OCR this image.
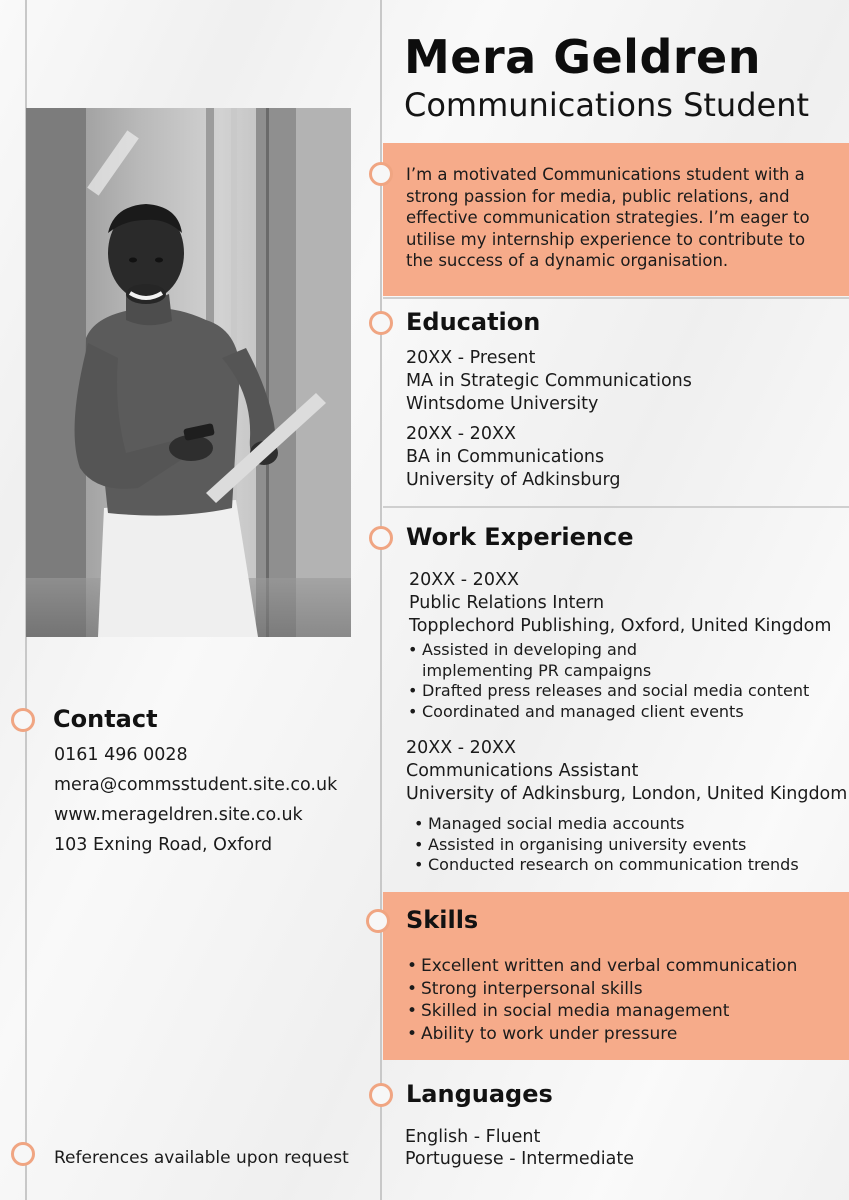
Mera Geldren
Communications Student
I’m a motivated Communications student with a strong passion for media, public relations, and effective communication strategies. I’m eager to utilise my internship experience to contribute to the success of a dynamic organisation.
Education
20XX - Present
MA in Strategic Communications
Wintsdome University
20XX - 20XX
BA in Communications
University of Adkinsburg
Work Experience
20XX - 20XX
Public Relations Intern
Topplechord Publishing, Oxford, United Kingdom
• Assisted in developing and implementing PR campaigns
• Drafted press releases and social media content
• Coordinated and managed client events
20XX - 20XX
Communications Assistant
University of Adkinsburg, London, United Kingdom
• Managed social media accounts
• Assisted in organising university events
• Conducted research on communication trends
Skills
• Excellent written and verbal communication
• Strong interpersonal skills
• Skilled in social media management
• Ability to work under pressure
Languages
English - Fluent
Portuguese - Intermediate
Contact
0161 496 0028
mera@commsstudent.site.co.uk
www.merageldren.site.co.uk
103 Exning Road, Oxford
References available upon request
